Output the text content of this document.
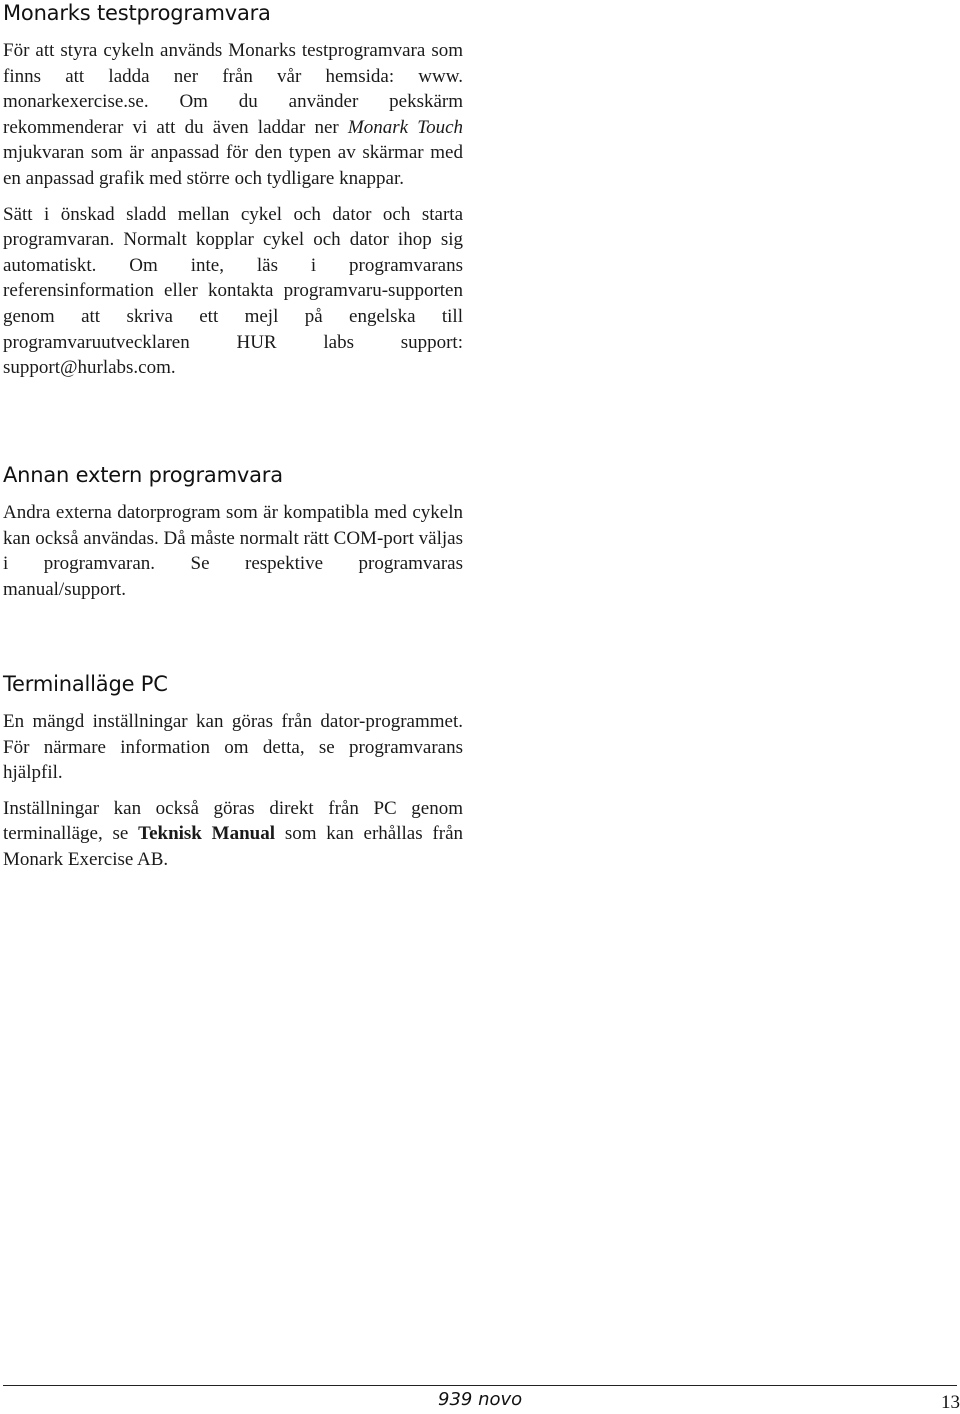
Monarks testprogramvara

För att styra cykeln används Monarks testprogramvara som finns att ladda ner från vår hemsida: www. monarkexercise.se. Om du använder pekskärm rekommenderar vi att du även laddar ner Monark Touch mjukvaran som är anpassad för den typen av skärmar med en anpassad grafik med större och tydligare knappar.

Sätt i önskad sladd mellan cykel och dator och starta programvaran. Normalt kopplar cykel och dator ihop sig automatiskt. Om inte, läs i programvarans referensinformation eller kontakta programvaru-supporten genom att skriva ett mejl på engelska till programvaruutvecklaren HUR labs support: support@hurlabs.com.

Annan extern programvara

Andra externa datorprogram som är kompatibla med cykeln kan också användas. Då måste normalt rätt COM-port väljas i programvaran. Se respektive programvaras manual/support.

Terminalläge PC

En mängd inställningar kan göras från dator-programmet. För närmare information om detta, se programvarans hjälpfil.

Inställningar kan också göras direkt från PC genom terminalläge, se Teknisk Manual som kan erhållas från Monark Exercise AB.

939 novo	13
